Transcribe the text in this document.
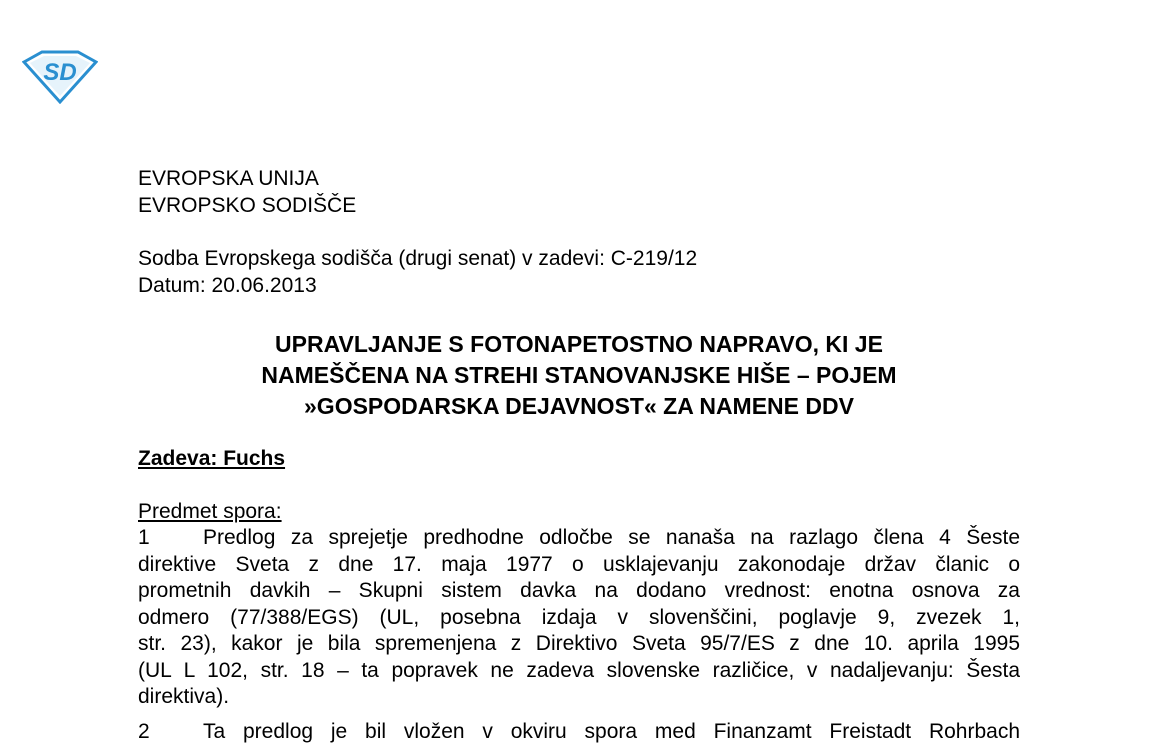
SD
EVROPSKA UNIJA
EVROPSKO SODIŠČE
Sodba Evropskega sodišča (drugi senat) v zadevi: C-219/12
Datum: 20.06.2013
UPRAVLJANJE S FOTONAPETOSTNO NAPRAVO, KI JE
NAMEŠČENA NA STREHI STANOVANJSKE HIŠE – POJEM
»GOSPODARSKA DEJAVNOST« ZA NAMENE DDV
Zadeva: Fuchs
Predmet spora:
1	Predlog za sprejetje predhodne odločbe se nanaša na razlago člena 4 Šeste
direktive Sveta z dne 17. maja 1977 o usklajevanju zakonodaje držav članic o
prometnih davkih – Skupni sistem davka na dodano vrednost: enotna osnova za
odmero (77/388/EGS) (UL, posebna izdaja v slovenščini, poglavje 9, zvezek 1,
str. 23), kakor je bila spremenjena z Direktivo Sveta 95/7/ES z dne 10. aprila 1995
(UL L 102, str. 18 – ta popravek ne zadeva slovenske različice, v nadaljevanju: Šesta
direktiva).
2	Ta predlog je bil vložen v okviru spora med Finanzamt Freistadt Rohrbach
